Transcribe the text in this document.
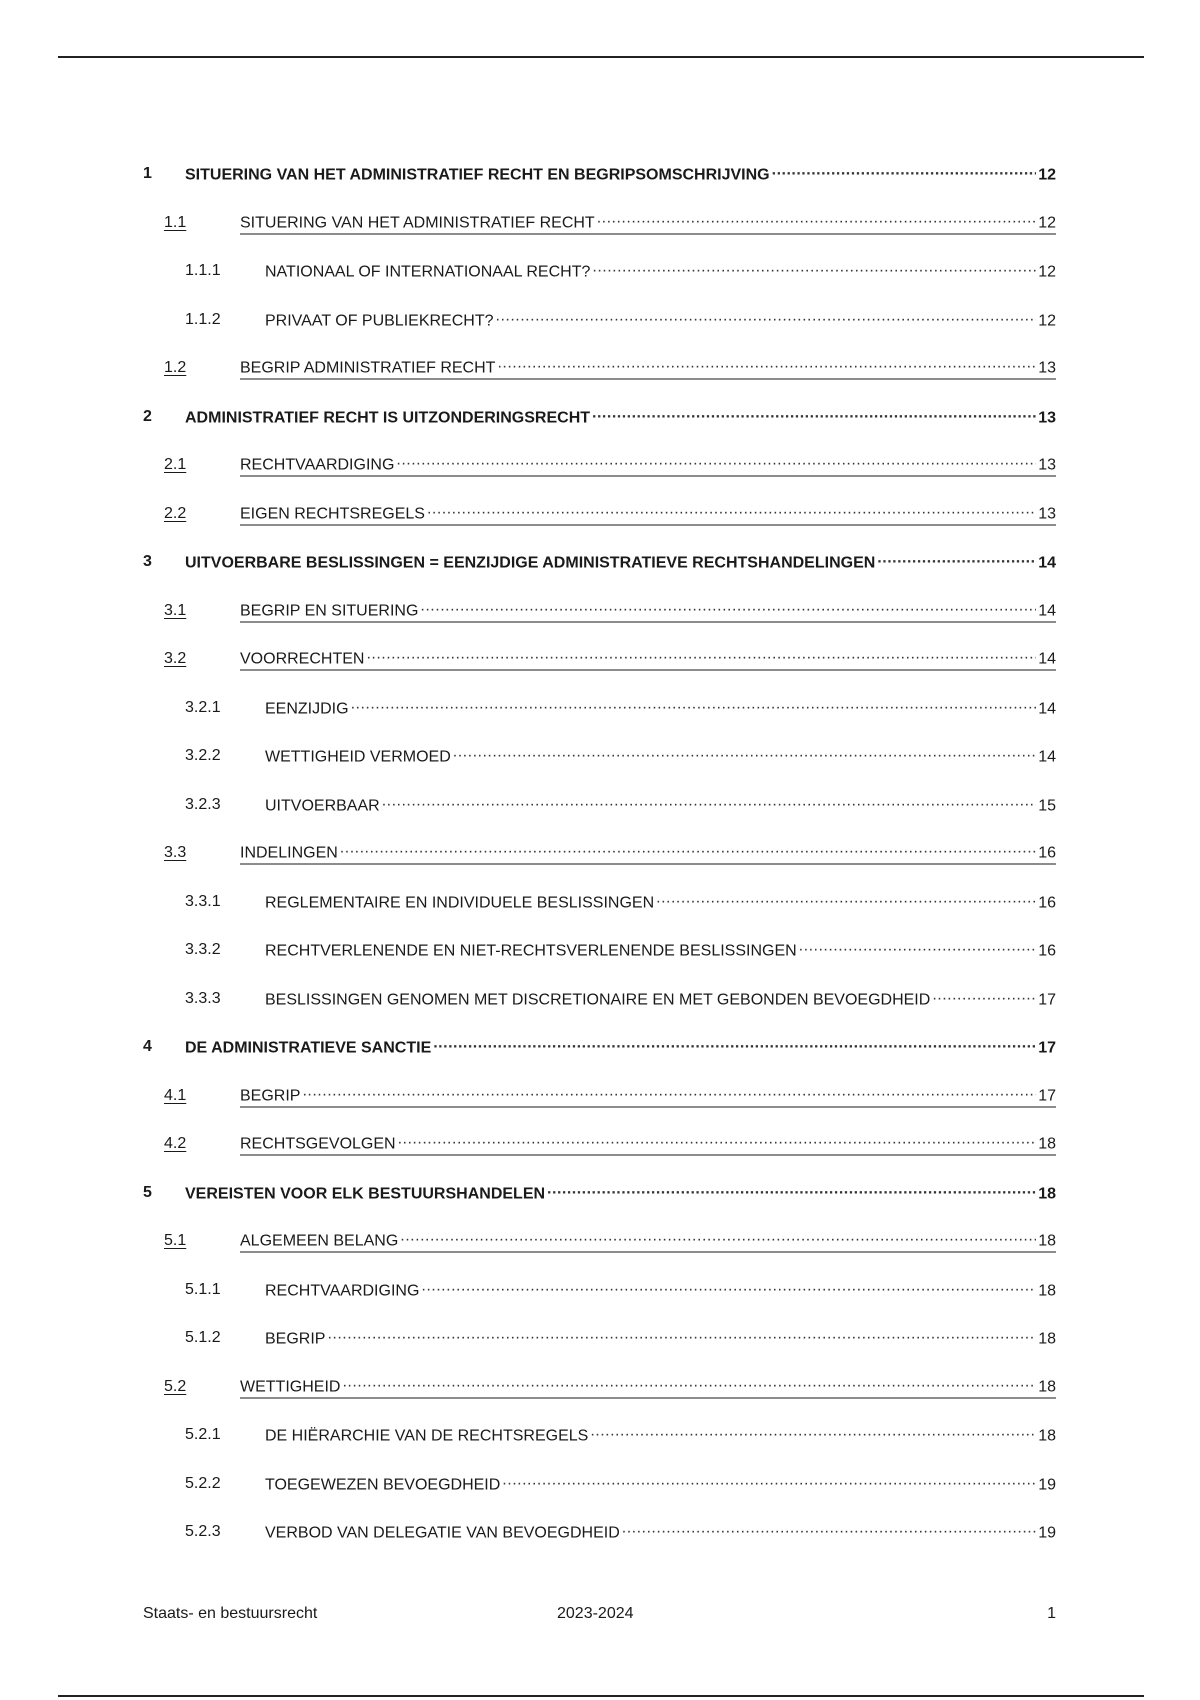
1 SITUERING VAN HET ADMINISTRATIEF RECHT EN BEGRIPSOMSCHRIJVING .....	12
1.1	SITUERING VAN HET ADMINISTRATIEF RECHT .....	12
1.1.1	NATIONAAL OF INTERNATIONAAL RECHT? .....	12
1.1.2	PRIVAAT OF PUBLIEKRECHT? .....	12
1.2	BEGRIP ADMINISTRATIEF RECHT .....	13
2 ADMINISTRATIEF RECHT IS UITZONDERINGSRECHT .....	13
2.1	RECHTVAARDIGING .....	13
2.2	EIGEN RECHTSREGELS .....	13
3 UITVOERBARE BESLISSINGEN = EENZIJDIGE ADMINISTRATIEVE RECHTSHANDELINGEN .....	14
3.1	BEGRIP EN SITUERING .....	14
3.2	VOORRECHTEN .....	14
3.2.1	EENZIJDIG .....	14
3.2.2	WETTIGHEID VERMOED .....	14
3.2.3	UITVOERBAAR .....	15
3.3	INDELINGEN .....	16
3.3.1	REGLEMENTAIRE EN INDIVIDUELE BESLISSINGEN .....	16
3.3.2	RECHTVERLENENDE EN NIET-RECHTSVERLENENDE BESLISSINGEN .....	16
3.3.3	BESLISSINGEN GENOMEN MET DISCRETIONAIRE EN MET GEBONDEN BEVOEGDHEID .....	17
4 DE ADMINISTRATIEVE SANCTIE .....	17
4.1	BEGRIP .....	17
4.2	RECHTSGEVOLGEN .....	18
5 VEREISTEN VOOR ELK BESTUURSHANDELEN .....	18
5.1	ALGEMEEN BELANG .....	18
5.1.1	RECHTVAARDIGING .....	18
5.1.2	BEGRIP .....	18
5.2	WETTIGHEID .....	18
5.2.1	DE HIËRARCHIE VAN DE RECHTSREGELS .....	18
5.2.2	TOEGEWEZEN BEVOEGDHEID .....	19
5.2.3	VERBOD VAN DELEGATIE VAN BEVOEGDHEID .....	19
Staats- en bestuursrecht	2023-2024	1
